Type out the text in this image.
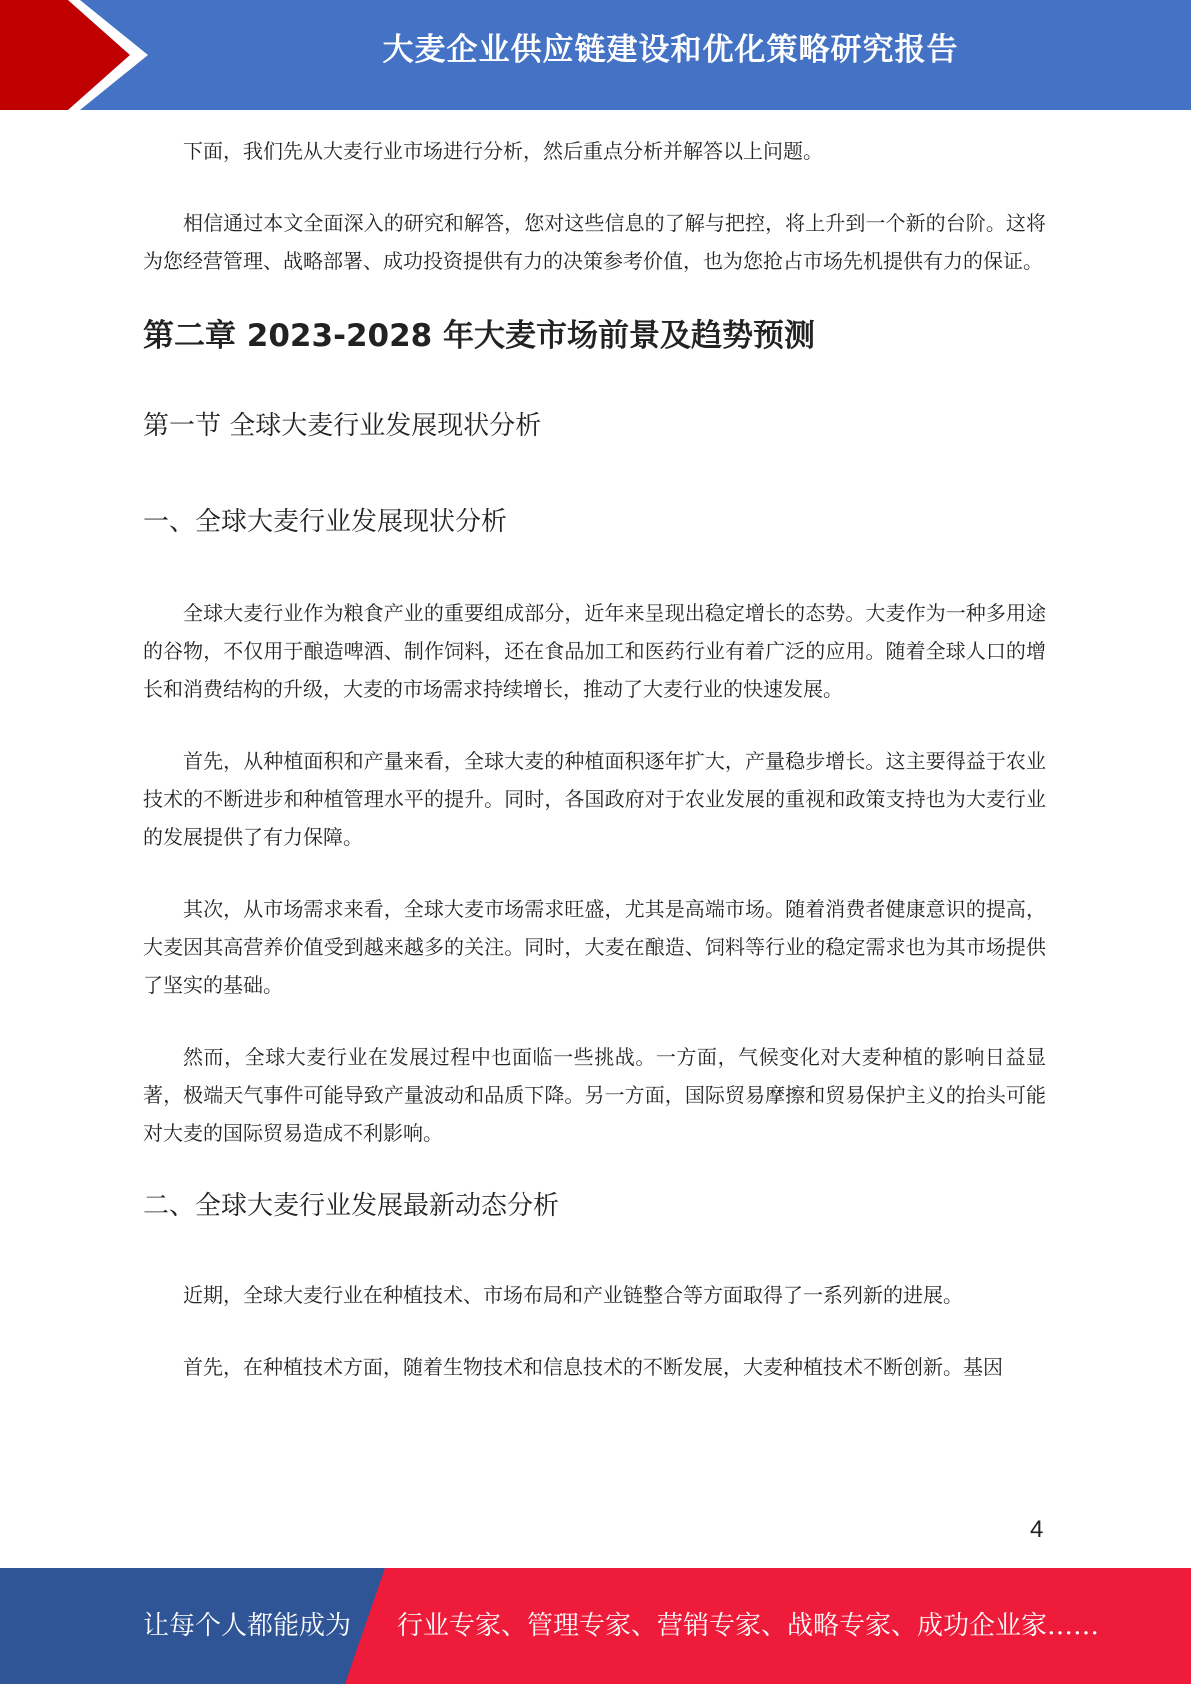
大麦企业供应链建设和优化策略研究报告

下面，我们先从大麦行业市场进行分析，然后重点分析并解答以上问题。

相信通过本文全面深入的研究和解答，您对这些信息的了解与把控，将上升到一个新的台阶。这将为您经营管理、战略部署、成功投资提供有力的决策参考价值，也为您抢占市场先机提供有力的保证。

第二章 2023-2028 年大麦市场前景及趋势预测
第一节 全球大麦行业发展现状分析
一、全球大麦行业发展现状分析

全球大麦行业作为粮食产业的重要组成部分，近年来呈现出稳定增长的态势。大麦作为一种多用途的谷物，不仅用于酿造啤酒、制作饲料，还在食品加工和医药行业有着广泛的应用。随着全球人口的增长和消费结构的升级，大麦的市场需求持续增长，推动了大麦行业的快速发展。

首先，从种植面积和产量来看，全球大麦的种植面积逐年扩大，产量稳步增长。这主要得益于农业技术的不断进步和种植管理水平的提升。同时，各国政府对于农业发展的重视和政策支持也为大麦行业的发展提供了有力保障。

其次，从市场需求来看，全球大麦市场需求旺盛，尤其是高端市场。随着消费者健康意识的提高，大麦因其高营养价值受到越来越多的关注。同时，大麦在酿造、饲料等行业的稳定需求也为其市场提供了坚实的基础。

然而，全球大麦行业在发展过程中也面临一些挑战。一方面，气候变化对大麦种植的影响日益显著，极端天气事件可能导致产量波动和品质下降。另一方面，国际贸易摩擦和贸易保护主义的抬头可能对大麦的国际贸易造成不利影响。

二、全球大麦行业发展最新动态分析

近期，全球大麦行业在种植技术、市场布局和产业链整合等方面取得了一系列新的进展。

首先，在种植技术方面，随着生物技术和信息技术的不断发展，大麦种植技术不断创新。基因

4
让每个人都能成为 行业专家、管理专家、营销专家、战略专家、成功企业家……
